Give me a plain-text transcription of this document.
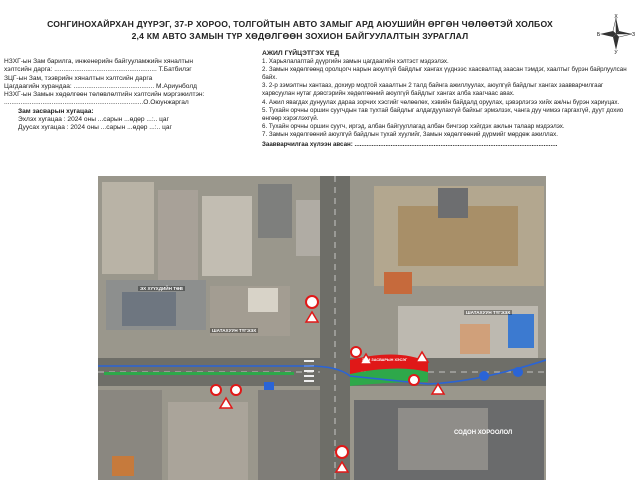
СОНГИНОХАЙРХАН ДҮҮРЭГ, 37-Р ХОРОО, ТОЛГОЙТЫН АВТО ЗАМЫГ АРД АЮУШИЙН ӨРГӨН ЧӨЛӨӨТЭЙ ХОЛБОХ
2,4 КМ АВТО ЗАМЫН ТҮР ХӨДӨЛГӨӨН ЗОХИОН БАЙГУУЛАЛТЫН ЗУРАГЛАЛ
Х
У
Б	З
НЗХГ-ын Зам барилга, инженерийн байгууламжийн хяналтын
хэлтсийн дарга: ........................................................ Т.Батбилэг
ЗЦГ-ын Зам, тээврийн хяналтын хэлтсийн дарга
Цагдаагийн хурандаа: ............................................ М.Ариунболд
НЗХГ-ын Замын хөдөлгөөн төлөвлөлтийн хэлтсийн мэргэжилтэн:
............................................................................О.Оюунжаргал
Зам засварын хугацаа:
Эхлэх хугацаа : 2024 оны ...сарын ...өдөр ...:.. цаг
Дуусах хугацаа : 2024 оны ...сарын ...өдөр ...:.. цаг
АЖИЛ ГҮЙЦЭТГЭХ ҮЕД
1. Харьялалаптай дүүргийн замын цагдаагийн хэлтэст мэдээлэх.
2. Замын хөдөлгөөнд оролцогч нарын аюулгүй байдлыг хангах үүднээс хаасвалтад заасан тэмдэг, хаалтыг бүрэн байрлуулсан байх.
3. 2-р зэмэлтны хантааз, дохиур модтой хааалтын 2 талд байнга ажиллуулах, аюулгүй байдлыг хангах заавварчилгааг харвсуулан нутаг дэвсгэрийн хөдөлгөөний аюулгүй байдлыг хангах алба хаагчаас авах.
4. Ажил явагдах дунуулах дараа зорчих хэсгийг чөлөөлөх, хэвийн байдалд оруулах, цэвэрлэгээ хийх аж/ны бүрэн хариуцах.
5. Тухайн орчны оршин суугчдын тав тухтай байдлыг алдагдуулахгүй байхыг эрмэлзэх, чанга дуу чимээ гаргахгүй, дуут дохио өнгөөр хэрэглэхгүй.
6. Тухайн орчны оршин суугч, иргэд, албан байгууллагад албан бичгээр хэйгдэх ажлын талаар мэдээлэх.
7. Замын хөдөлгөөний аюулгүй байдлын тухай хуулийг, Замын хөдөлгөөний дүрмийг мөрдөж ажиллах.
Заавварчилгаа хүлээн авсан: ......................................................................................................................
ЭХ ХҮҮХДИЙН ТӨВ
ШАТАХУУН ТҮГЭЭХ
ШАТАХУУН ТҮГЭЭХ
СОДОН ХОРООЛОЛ
ЗАМ ЗАСВАРЫН ХЭСЭГ
